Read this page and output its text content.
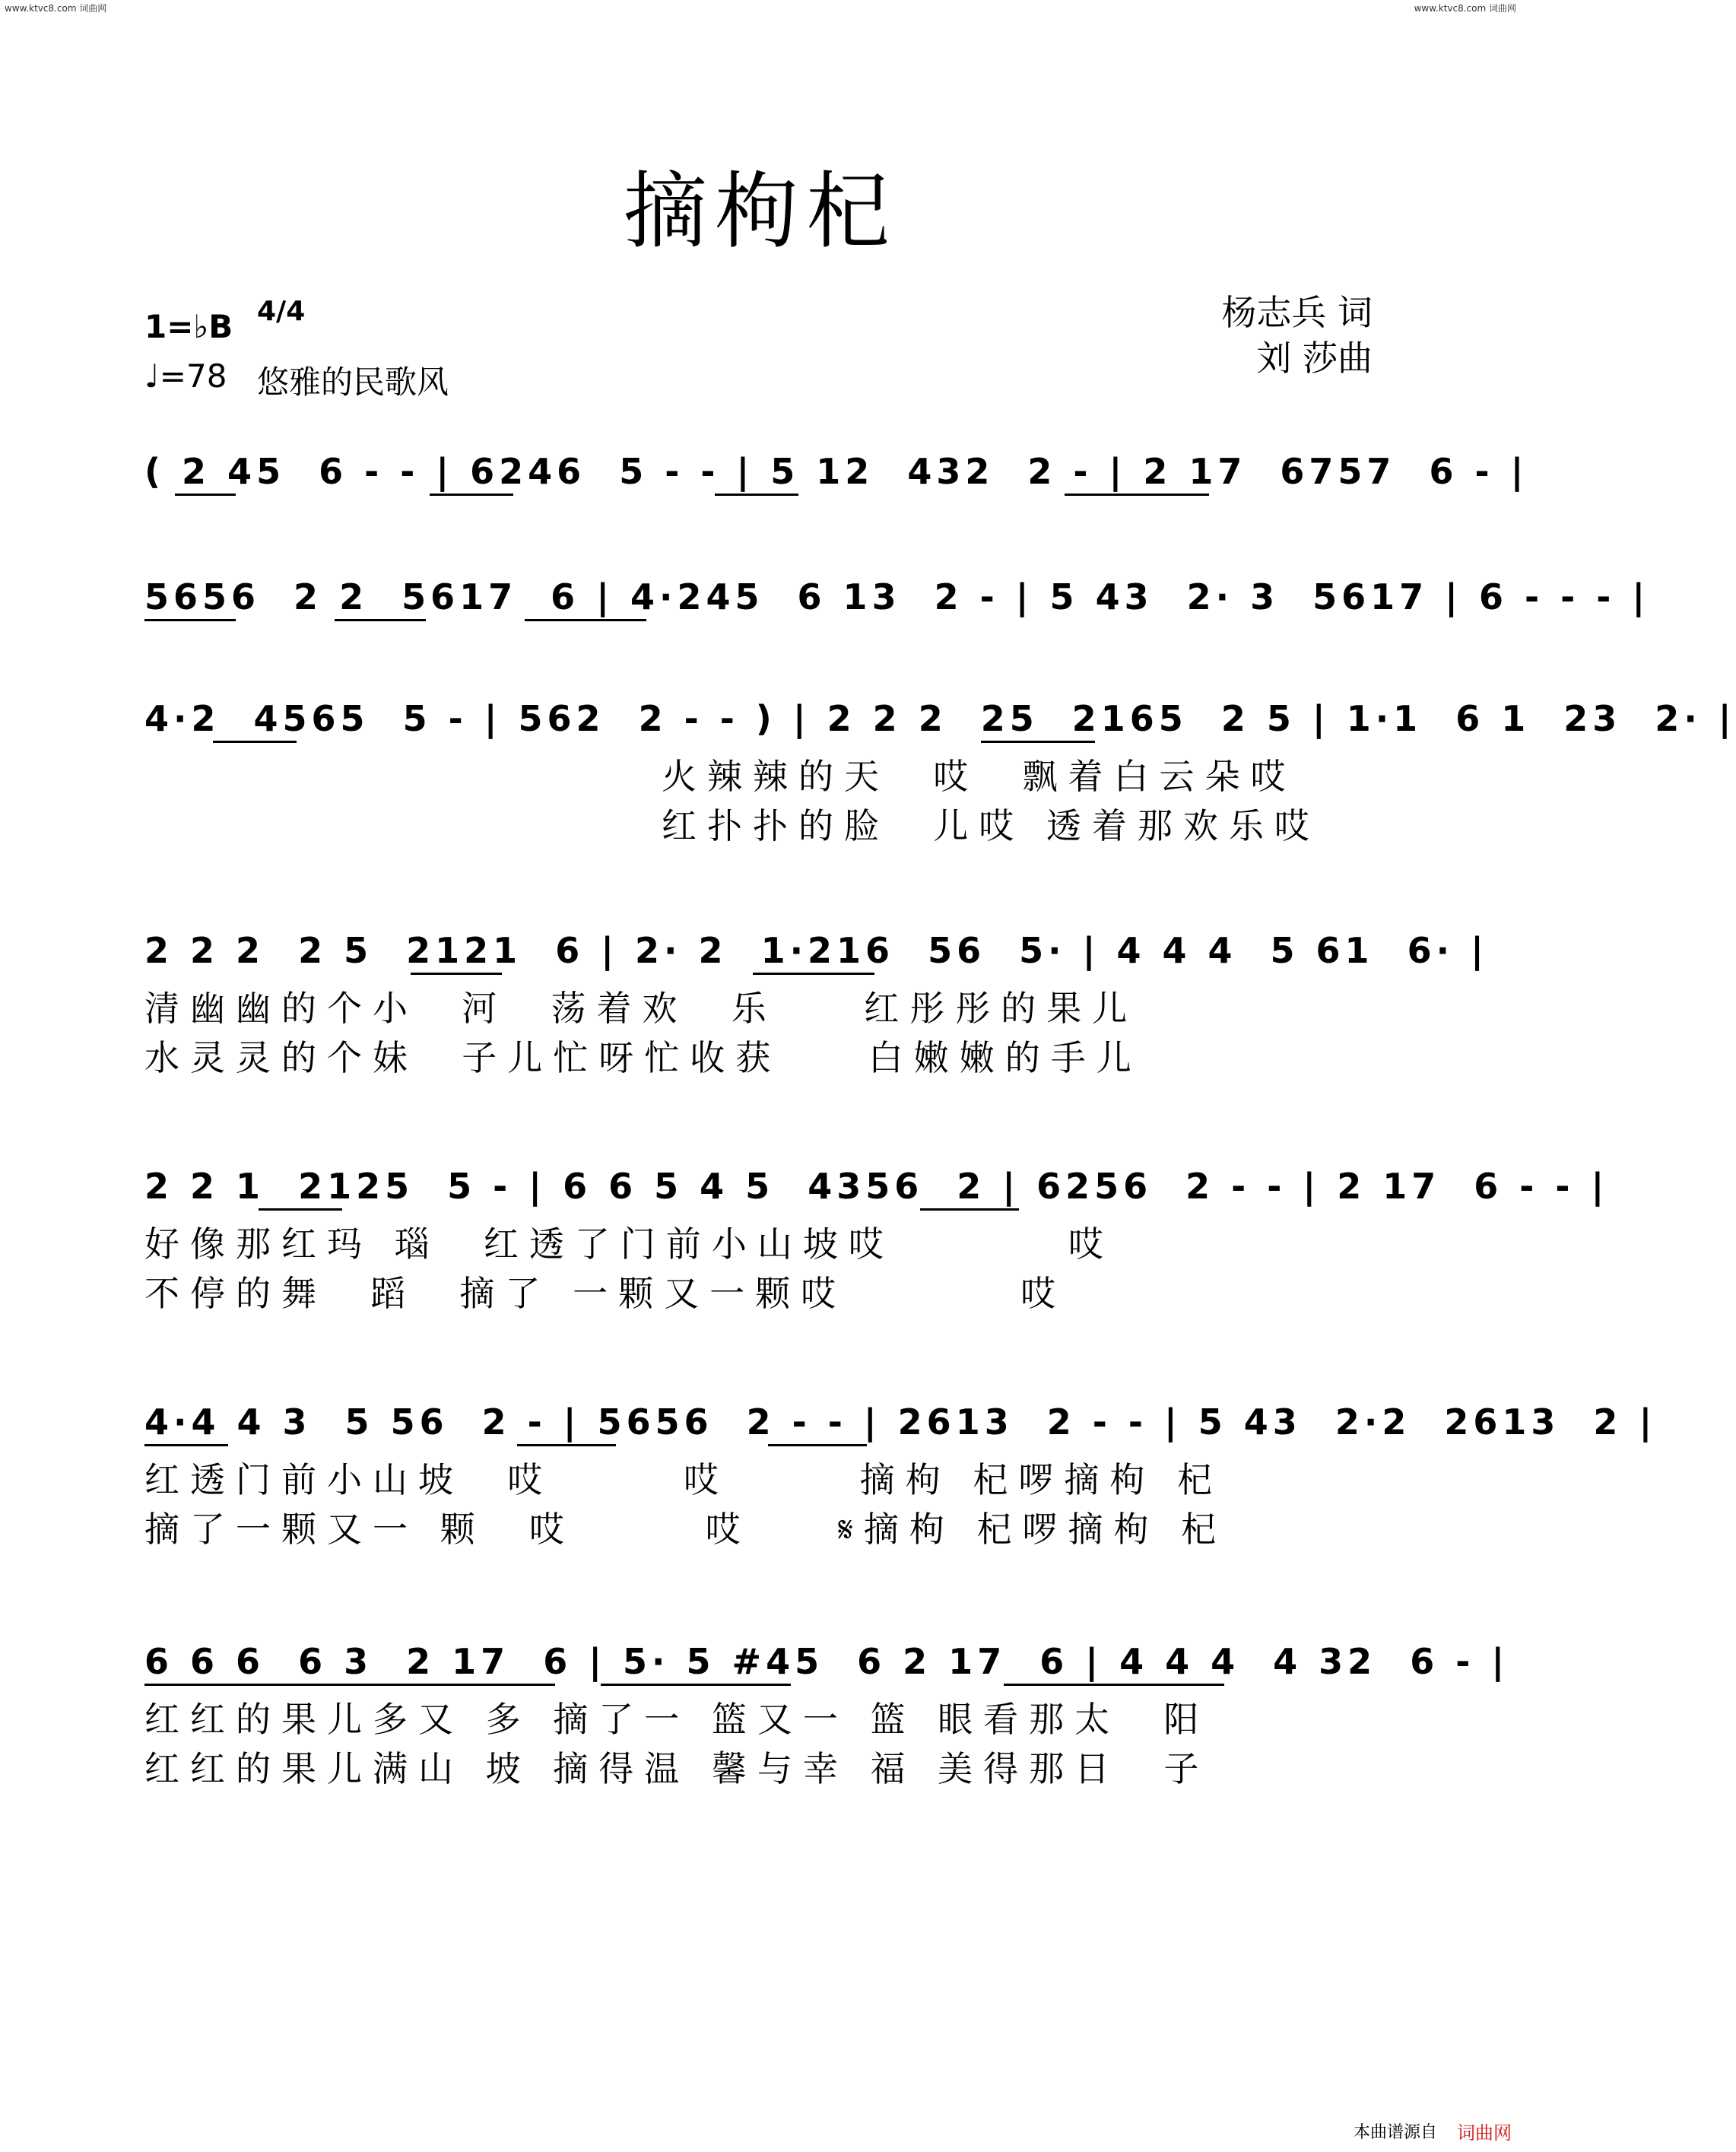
www.ktvc8.com 词曲网	www.ktvc8.com 词曲网
摘枸杞
1=♭B 4/4
♩=78 悠雅的民歌风
杨志兵 词
刘 莎曲
( 2 45  6 - - | 6246  5 - - | 5 12  432  2 - | 2 17  6757  6 - |
5656  2 2  5617  6 | 4·245  6 13  2 - | 5 43  2· 3  5617 | 6 - - - |
4·2  4565  5 - | 562  2 - - ) | 2 2 2  25  2165  2 5 | 1·1  6 1  23  2· |
火辣辣的天  哎  飘着白云朵哎
红扑扑的脸  儿哎 透着那欢乐哎
2 2 2  2 5  2121  6 | 2· 2  1·216  56  5· | 4 4 4  5 61  6· |
清幽幽的个小  河  荡着欢  乐    红彤彤的果儿
水灵灵的个妹  子儿忙呀忙收获    白嫩嫩的手儿
2 2 1  2125  5 - | 6 6 5 4 5  4356  2 | 6256  2 - - | 2 17  6 - - |
好像那红玛 瑙  红透了门前小山坡哎        哎
不停的舞  蹈  摘了 一颗又一颗哎        哎
4·4 4 3  5 56  2 - | 5656  2 - - | 2613  2 - - | 5 43  2·2  2613  2 |
红透门前小山坡  哎      哎      摘枸 杞啰摘枸 杞
摘了一颗又一 颗  哎      哎    𝄋摘枸 杞啰摘枸 杞
6 6 6  6 3  2 17  6 | 5· 5 #45  6 2 17  6 | 4 4 4  4 32  6 - |
红红的果儿多又 多 摘了一 篮又一 篮 眼看那太  阳
红红的果儿满山 坡 摘得温 馨与幸 福 美得那日  子
本曲谱源自 词曲网
